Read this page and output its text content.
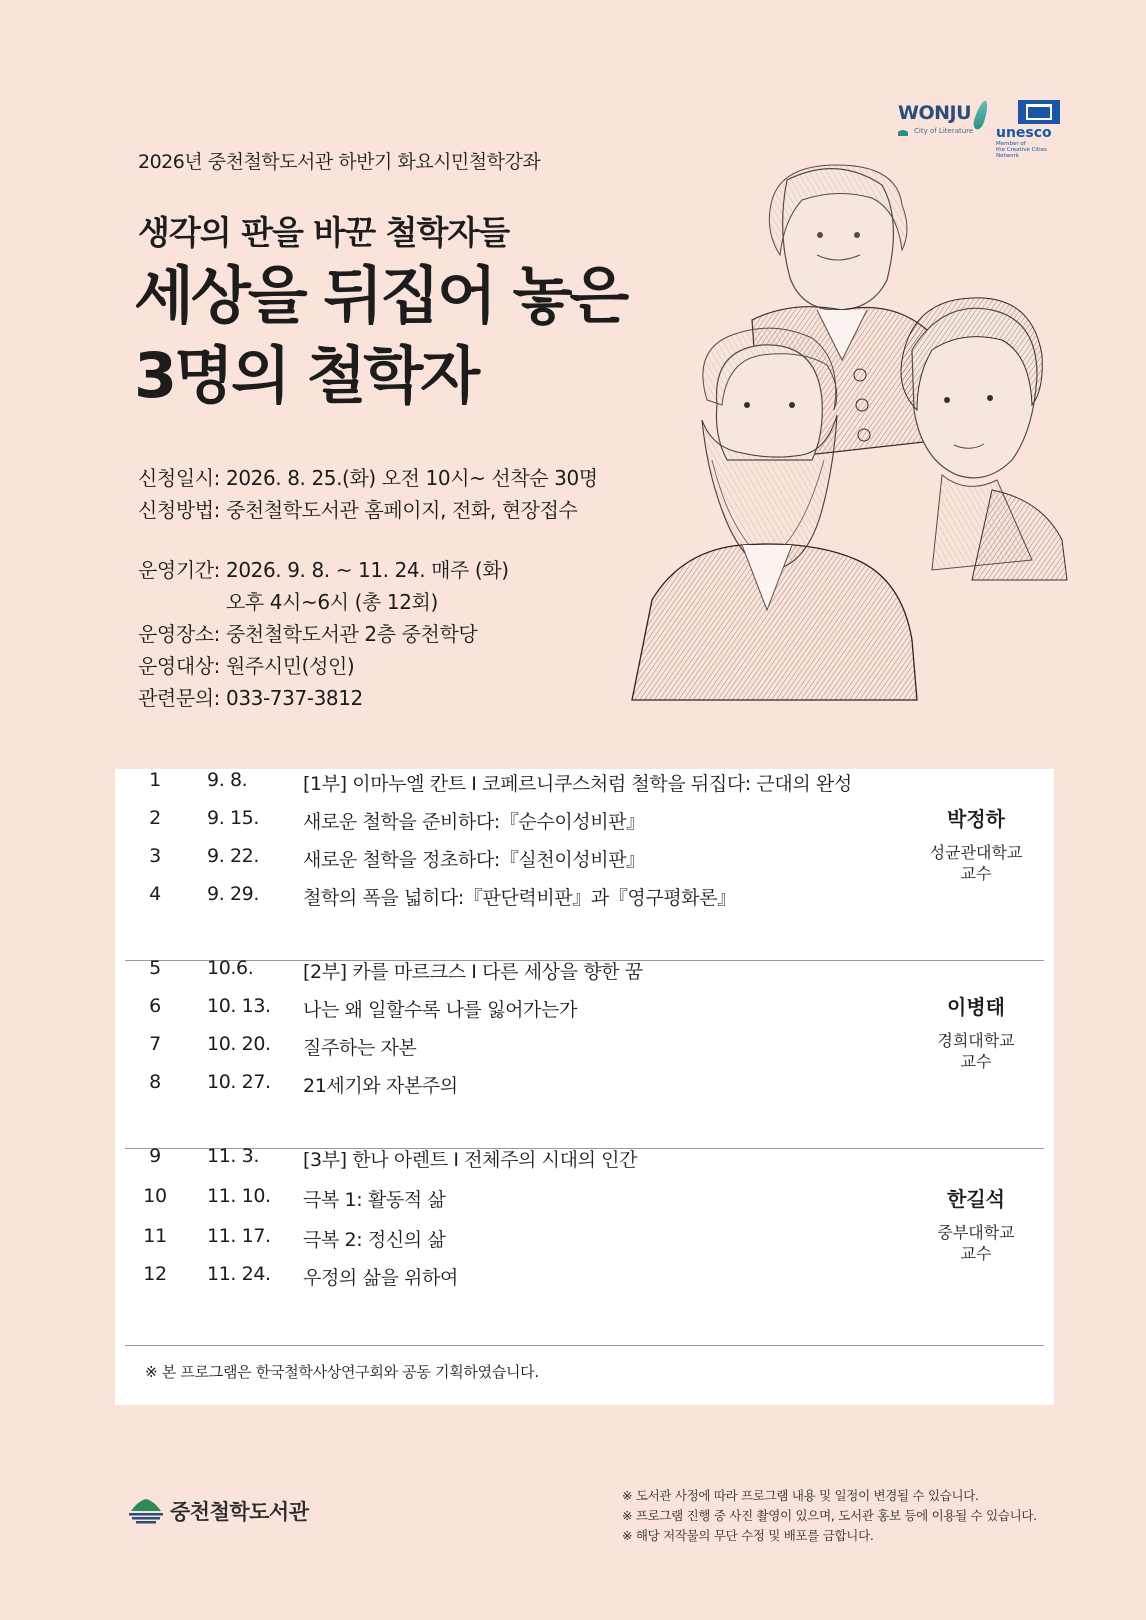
WONJU
City of Literature	unesco
Member of
the Creative Cities Network
2026년 중천철학도서관 하반기 화요시민철학강좌
생각의 판을 바꾼 철학자들
세상을 뒤집어 놓은
3명의 철학자
신청일시: 2026. 8. 25.(화) 오전 10시~ 선착순 30명
신청방법: 중천철학도서관 홈페이지, 전화, 현장접수
운영기간: 2026. 9. 8. ~ 11. 24. 매주 (화)
오후 4시~6시 (총 12회)
운영장소: 중천철학도서관 2층 중천학당
운영대상: 원주시민(성인)
관련문의: 033-737-3812
1	9. 8.	[1부] 이마누엘 칸트 I 코페르니쿠스처럼 철학을 뒤집다: 근대의 완성
2	9. 15. 새로운 철학을 준비하다:『순수이성비판』
3	9. 22. 새로운 철학을 정초하다:『실천이성비판』
4	9. 29. 철학의 폭을 넓히다:『판단력비판』과『영구평화론』
박정하
성균관대학교
교수
5	10.6.	[2부] 카를 마르크스 I 다른 세상을 향한 꿈
6	10. 13. 나는 왜 일할수록 나를 잃어가는가
7	10. 20. 질주하는 자본
8	10. 27. 21세기와 자본주의
이병태
경희대학교
교수
9	11. 3. [3부] 한나 아렌트 I 전체주의 시대의 인간
10	11. 10. 극복 1: 활동적 삶
11	11. 17. 극복 2: 정신의 삶
12	11. 24. 우정의 삶을 위하여
한길석
중부대학교
교수
※ 본 프로그램은 한국철학사상연구회와 공동 기획하였습니다.
중천철학도서관
※ 도서관 사정에 따라 프로그램 내용 및 일정이 변경될 수 있습니다.
※ 프로그램 진행 중 사진 촬영이 있으며, 도서관 홍보 등에 이용될 수 있습니다.
※ 해당 저작물의 무단 수정 및 배포를 금합니다.
